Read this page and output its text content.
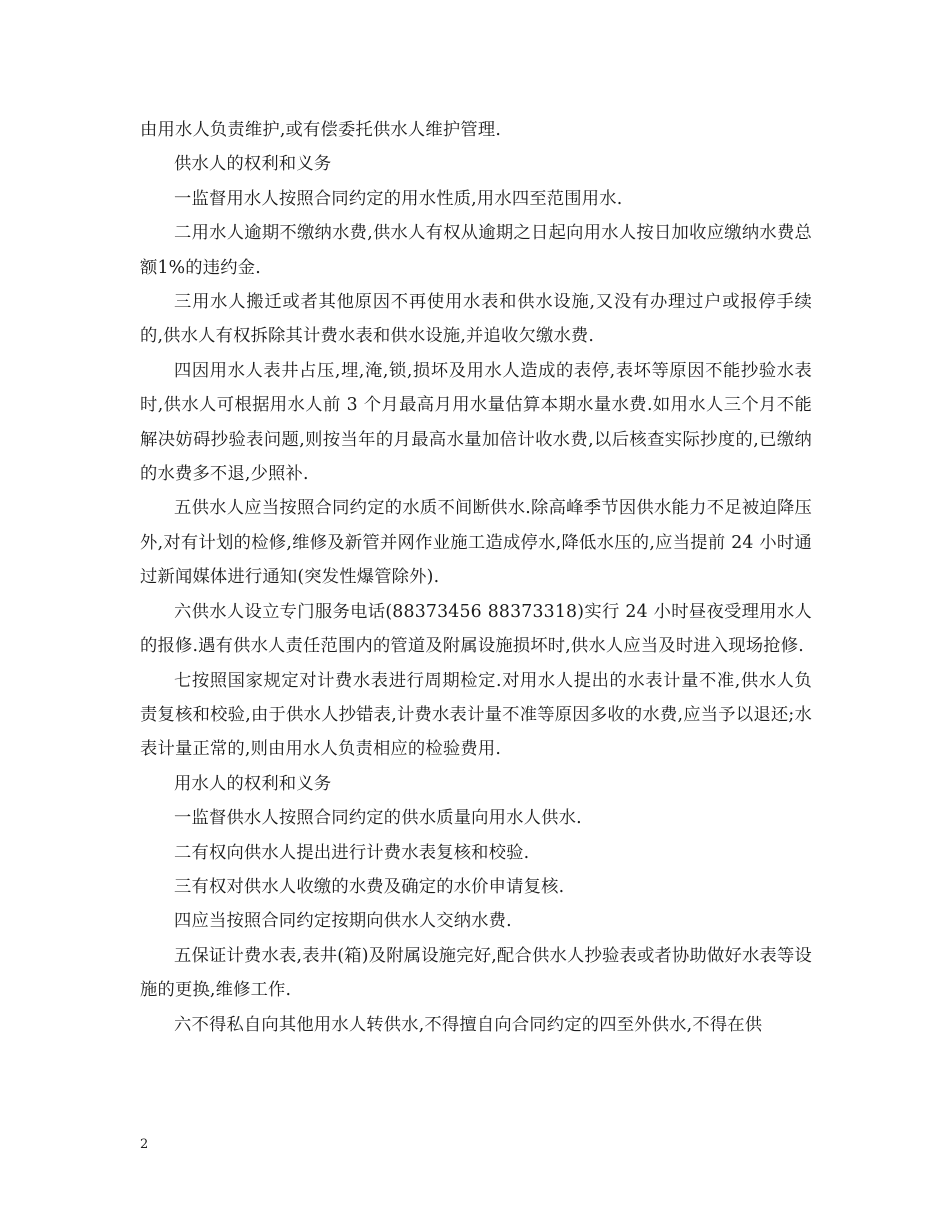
由用水人负责维护,或有偿委托供水人维护管理.

供水人的权利和义务

一监督用水人按照合同约定的用水性质,用水四至范围用水.

二用水人逾期不缴纳水费,供水人有权从逾期之日起向用水人按日加收应缴纳水费总额1%的违约金.

三用水人搬迁或者其他原因不再使用水表和供水设施,又没有办理过户或报停手续的,供水人有权拆除其计费水表和供水设施,并追收欠缴水费.

四因用水人表井占压,埋,淹,锁,损坏及用水人造成的表停,表坏等原因不能抄验水表时,供水人可根据用水人前 3 个月最高月用水量估算本期水量水费.如用水人三个月不能解决妨碍抄验表问题,则按当年的月最高水量加倍计收水费,以后核查实际抄度的,已缴纳的水费多不退,少照补.

五供水人应当按照合同约定的水质不间断供水.除高峰季节因供水能力不足被迫降压外,对有计划的检修,维修及新管并网作业施工造成停水,降低水压的,应当提前 24 小时通过新闻媒体进行通知(突发性爆管除外).

六供水人设立专门服务电话(88373456 88373318)实行 24 小时昼夜受理用水人的报修.遇有供水人责任范围内的管道及附属设施损坏时,供水人应当及时进入现场抢修.

七按照国家规定对计费水表进行周期检定.对用水人提出的水表计量不准,供水人负责复核和校验,由于供水人抄错表,计费水表计量不准等原因多收的水费,应当予以退还;水表计量正常的,则由用水人负责相应的检验费用.

用水人的权利和义务

一监督供水人按照合同约定的供水质量向用水人供水.

二有权向供水人提出进行计费水表复核和校验.

三有权对供水人收缴的水费及确定的水价申请复核.

四应当按照合同约定按期向供水人交纳水费.

五保证计费水表,表井(箱)及附属设施完好,配合供水人抄验表或者协助做好水表等设施的更换,维修工作.

六不得私自向其他用水人转供水,不得擅自向合同约定的四至外供水,不得在供

2
